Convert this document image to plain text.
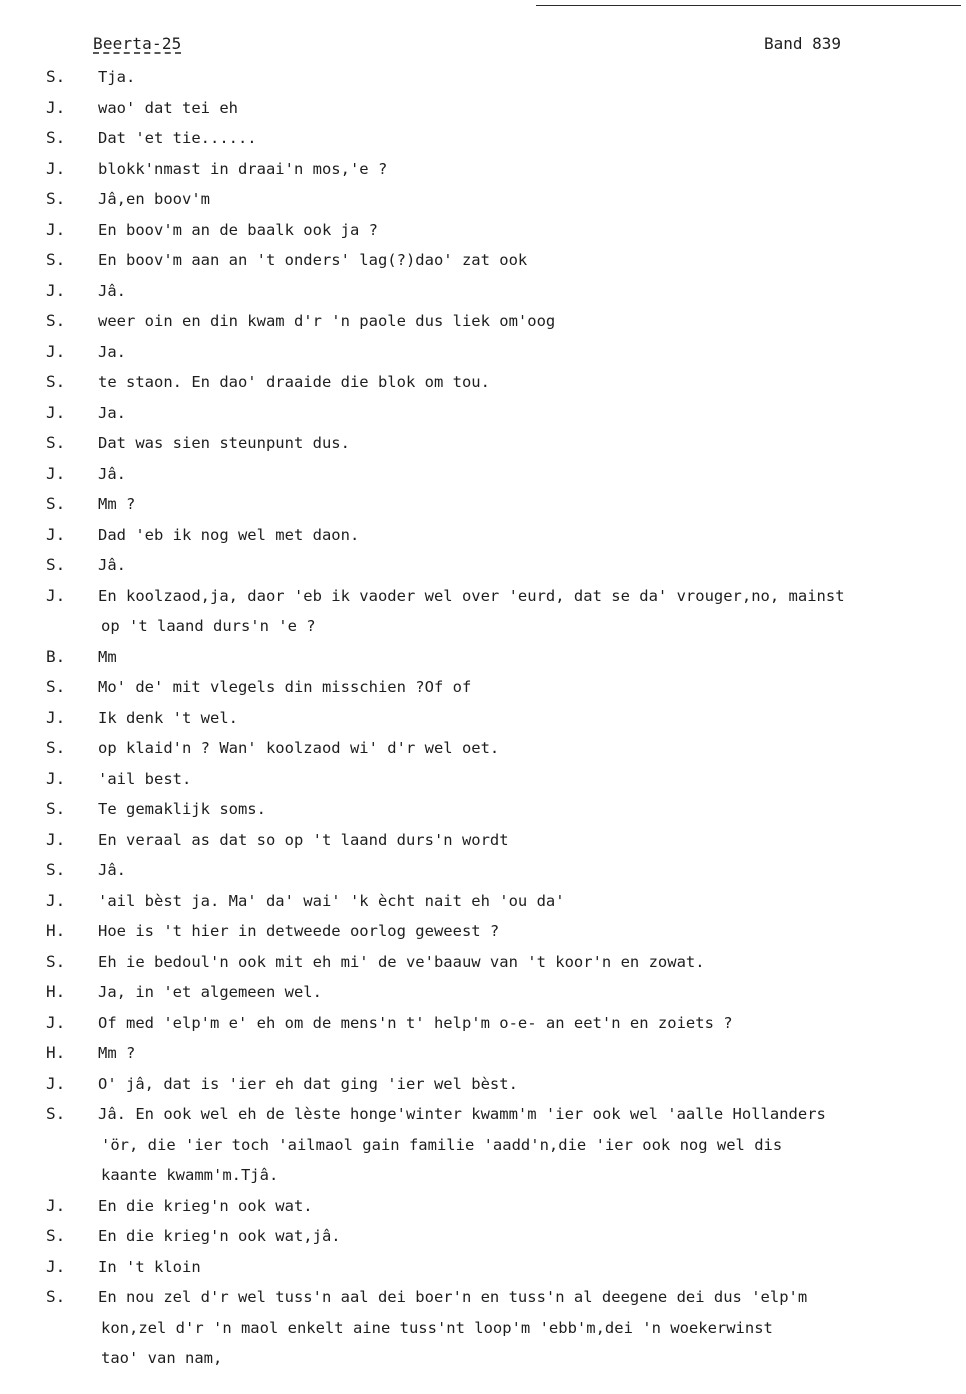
Beerta-25	Band 839
S. Tja.
J. wao' dat tei eh
S. Dat 'et tie......
J. blokk'nmast in draai'n mos,'e ?
S. Jâ,en boov'm
J. En boov'm an de baalk ook ja ?
S. En boov'm aan an 't onders' lag(?)dao' zat ook
J. Jâ.
S. weer oin en din kwam d'r 'n paole dus liek om'oog
J. Ja.
S. te staon. En dao' draaide die blok om tou.
J. Ja.
S. Dat was sien steunpunt dus.
J. Jâ.
S. Mm ?
J. Dad 'eb ik nog wel met daon.
S. Jâ.
J. En koolzaod,ja, daor 'eb ik vaoder wel over 'eurd, dat se da' vrouger,no, mainst
op 't laand durs'n 'e ?
B. Mm
S. Mo' de' mit vlegels din misschien ?Of of
J. Ik denk 't wel.
S. op klaid'n ? Wan' koolzaod wi' d'r wel oet.
J. 'ail best.
S. Te gemaklijk soms.
J. En veraal as dat so op 't laand durs'n wordt
S. Jâ.
J. 'ail bèst ja. Ma' da' wai' 'k ècht nait eh 'ou da'
H. Hoe is 't hier in detweede oorlog geweest ?
S. Eh ie bedoul'n ook mit eh mi' de ve'baauw van 't koor'n en zowat.
H. Ja, in 'et algemeen wel.
J. Of med 'elp'm e' eh om de mens'n t' help'm o-e- an eet'n en zoiets ?
H. Mm ?
J. O' jâ, dat is 'ier eh dat ging 'ier wel bèst.
S. Jâ. En ook wel eh de lèste honge'winter kwamm'm 'ier ook wel 'aalle Hollanders
'ör, die 'ier toch 'ailmaol gain familie 'aadd'n,die 'ier ook nog wel dis
kaante kwamm'm.Tjâ.
J. En die krieg'n ook wat.
S. En die krieg'n ook wat,jâ.
J. In 't kloin
S. En nou zel d'r wel tuss'n aal dei boer'n en tuss'n al deegene dei dus 'elp'm
kon,zel d'r 'n maol enkelt aine tuss'nt loop'm 'ebb'm,dei 'n woekerwinst
tao' van nam,
